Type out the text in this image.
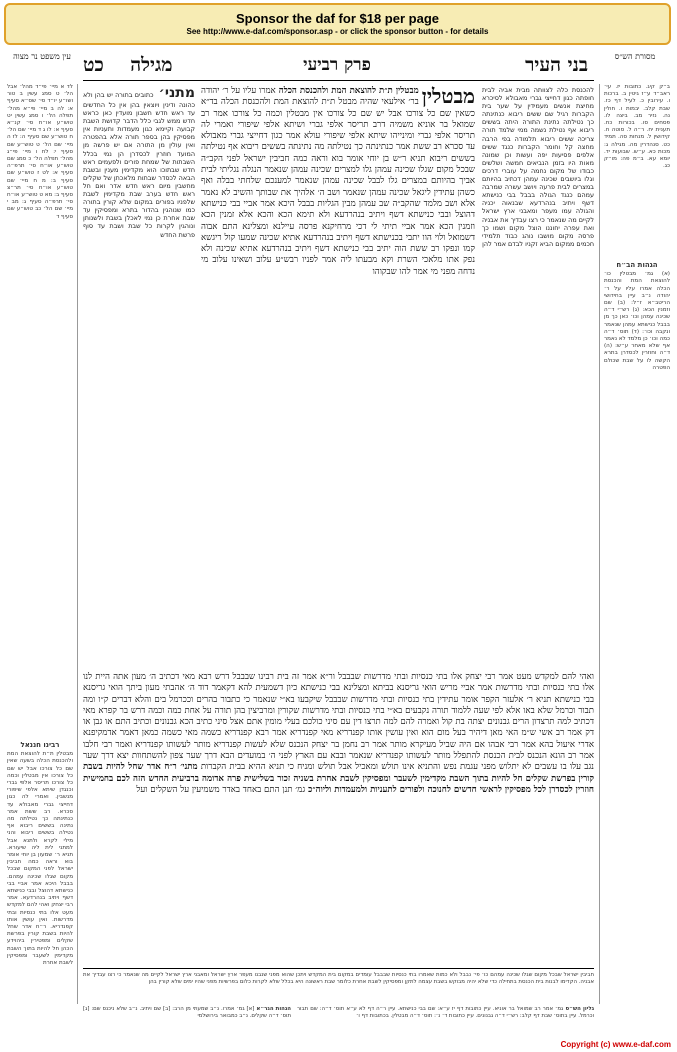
Sponsor the daf for $18 per page
See http://www.e-daf.com/sponsor.asp - or click the sponsor button - for details
מסורת הש״ס
עין משפט נר מצוה	בני העיר
פרק רביעי
מגילה    כט
ב״ק קיג. כתובות יז. עי׳ ראב״ד ע״ז גיטין ב. ברכות ו. עירובין כ. לעיל דף כז. שבת קלב. יבמות ו. חולין נה. נזיר מב. ביצה לו. פסחים סו. בכורות כח. תענית יח. ר״ה ל. סוטה ח. קידושין ל. מנחות סה. תמיד כט. סנהדרין מה. מגילה ג: מכות כא. ע״ש. שבועות יד. יומא עא. ב״מ פה: מו״ק כג.
הגהות הב״ח
(א) גמ׳ מבטלין כו׳ להוצאת המת והכנסת הכלה אמרו עליו על ר׳ יהודה נ״ב עיין בחידושי הריטב״א ז״ל: (ב) שם וזמנין הכא: (ג) רש״י ד״ה שכינה עמהן וכו׳ כאן כך מן בבבל כנישתא עמהן שנאמר ונקבה וכו׳: (ד) תוס׳ ד״ה כמה וכו׳ כן מלמד לא נאמר אף שלא מאחר ע״ש: (ה) ד״ה וחוזרין לכסדרן בתרא הקשה לו על שבת שכולם הפטרה
לד א מיי׳ פי״ד מהל׳ אבל הל׳ ט סמג עשין ב טור ושו״ע יו״ד סי׳ שס״א סעיף א: לה ב מיי׳ פי״א מהל׳ תפלה הל׳ ו סמג עשין יט טוש״ע או״ח סי׳ קנ״א סעיף א: לו ג ד מיי׳ שם הל׳ ח טוש״ע שם סעיף ה: לז ה מיי׳ שם הל׳ ט טוש״ע שם סעיף י: לח ו מיי׳ פי״ג מהל׳ תפלה הל׳ כ סמג שם טוש״ע או״ח סי׳ תרפ״ה סעיף א: לט ז טוש״ע שם סעיף ב: מ ח מיי׳ שם טוש״ע או״ח סי׳ תר״צ סעיף ב: מא ט טוש״ע או״ח סי׳ תרפ״ה סעיף ג: מב י מיי׳ שם הל׳ כב טוש״ע שם סעיף ד
רבינו חננאל
מבטלין ת״ת להוצאת המת ולהכנסת הכלה בשעה שאין שם כל צורכו אבל יש שם כל צורכו אין מבטלין וכמה כל צורכו תריסר אלפי גברי וכנגדן שיתא אלפי שיפורי מנשבין. ואמרי לה כגון דחייצי גברי מאבולא עד סכרא. רב ששת אמר כנתינתה כך נטילתה מה נתינה בששים ריבוא אף נטילה בששים ריבוא והני מילי לקרא ולתנא אבל למתני לית ליה שיעורא. תניא ר׳ שמעון בן יוחי אומר בוא וראה כמה חביבין ישראל לפני המקום שבכל מקום שגלו שכינה עמהם. בבבל היכא אמר אביי בבי כנישתא דהוצל ובבי כנישתא דשף ויתיב בנהרדעא. אמר רבי יצחק ואהי להם למקדש מעט אלו בתי כנסיות ובתי מדרשות. ואין עושין אותו קפנדריא. ר״ח אדר שחל להיות בשבת קורין בפרשת שקלים ומפטירין ביהוידע הכהן חל להיות בתוך השבת מקדימין לשעבר ומפסיקין לשבת אחרת
להכנסת כלה לצוותה מבית אביה לבית חופתה כגון דחייצי גברי מאבולא לסיכרא מחיצת אנשים מעמידין על שער בית הקברות רגיל שם ששים ריבוא כנתינתה כך נטילתה נתינת התורה היתה בששים ריבוא אף נטילת נשמה ממי שלמד תורה צריכה ששים ריבוא תלמודה בפי הרבה מחצה קל וחומר הקברות כנגד ששים אלפים פסיעות יפה ועשות וכן שמונה מאות היו בזמן הנביאים חמשה ושלשים כבודו של מקום נחמה על עוברי דרכים וגלו ביושבים שכינה עמהן דכתיב בהיותם במצרים לבית פרעה ויושב עשרה שמרבה עמהם כנגד הגולה בבבל בבי כנישתא דשף ויתיב בנהרדעא שבנאוה יכניה והגולה עמו מעפר ומאבני ארץ ישראל לקיים מה שנאמר כי רצו עבדיך את אבניה ואת עפרה יחוננו הוצל מקום ושמו כך פרסה מקום מושבו נוהג כבוד תלמידי חכמים ממקום הביא זקניו לבדם אמר להן
מתני׳ כתובים בתורה יש בהן ולא כהונה ודינין ויוצאין בהן אין כל החדשים עד ראש חדש חשבון מועדין כאן כראש חדש ממש לגבי כלל הדבר קדושת השבת קבועה וקיימא כגון מעמדות ותעניות אין מפסיקין בהן בספר תורה אלא בהפטרה ואין עולין מן התורה אם יש פרשה מן המועד חוזרין לכסדרן הן נמי בכלל השבתות של שמחת פורים ולפעמים ראש חדש שבתוכו הוא מקדימין מענין ובשבת הבאה לכסדר שבתות מלאכתן של שקלים מחשבין מיום ראש חדש אדר ואם חל ראש חדש בערב שבת מקדימין לשבת שלפניו בפורים במקום שלא קורין בתורה כמו שנוהגין בהדור בתרא ומפסיקין עד שבת אחרת כן נמי לאכלן בשבת ולשנותן ונוהגין לקרות כל שבת ושבת עד סוף פרשת החדש
מבטלין
מבטלין ת״ת להוצאת המת ולהכנסת הכלה אמרו עליו על ר׳ יהודה בר׳ אילעאי שהיה מבטל ת״ת להוצאת המת ולהכנסת הכלה בד״א כשאין שם כל צורכו אבל יש שם כל צורכו אין מבטלין וכמה כל צורכו אמר רב שמואל בר אוניא משמיה דרב תריסר אלפי גברי ושיתא אלפי שיפורי ואמרי לה תריסר אלפי גברי ומינייהו שיתא אלפי שיפורי עולא אמר כגון דחייצי גברי מאבולא עד סכרא רב ששת אמר כנתינתה כך נטילתה מה נתינתה בששים ריבוא אף נטילתה בששים ריבוא תניא ר״ש בן יוחי אומר בוא וראה כמה חביבין ישראל לפני הקב״ה שבכל מקום שגלו שכינה עמהן גלו למצרים שכינה עמהן שנאמר הנגלה נגליתי לבית אביך בהיותם במצרים גלו לבבל שכינה עמהן שנאמר למענכם שלחתי בבלה ואף כשהן עתידין ליגאל שכינה עמהן שנאמר ושב ה׳ אלהיך את שבותך והשיב לא נאמר אלא ושב מלמד שהקב״ה שב עמהן מבין הגליות בבבל היכא אמר אביי בבי כנישתא דהוצל ובבי כנישתא דשף ויתיב בנהרדעא ולא תימא הכא והכא אלא זמנין הכא וזמנין הכא אמר אביי תיתי לי דכי מרחיקנא פרסה עיילנא ומצלינא התם אבוה דשמואל ולוי הוו יתבי בכנישתא דשף ויתיב בנהרדעא אתיא שכינה שמעו קול ריגשא קמו ונפקו רב ששת הוה יתיב בבי כנישתא דשף ויתיב בנהרדעא אתיא שכינה ולא נפק אתו מלאכי השרת וקא מבעתו ליה אמר לפניו רבש״ע עלוב ושאינו עלוב מי נדחה מפני מי אמר להו שבקוהו
ואהי להם למקדש מעט אמר רבי יצחק אלו בתי כנסיות ובתי מדרשות שבבבל ור״א אמר זה בית רבינו שבבבל דרש רבא מאי דכתיב ה׳ מעון אתה היית לנו אלו בתי כנסיות ובתי מדרשות אמר אביי מריש הואי גריסנא בביתא ומצלינא בבי כנישתא כיון דשמעית להא דקאמר דוד ה׳ אהבתי מעון ביתך הואי גריסנא בבי כנישתא תניא ר׳ אלעזר הקפר אומר עתידין בתי כנסיות ובתי מדרשות שבבבל שיקבעו בא״י שנאמר כי כתבור בהרים וככרמל בים והלא דברים ק״ו ומה תבור וכרמל שלא באו אלא לפי שעה ללמוד תורה נקבעים בא״י בתי כנסיות ובתי מדרשות שקורין ומרביצין בהן תורה על אחת כמה וכמה דרש בר קפרא מאי דכתיב למה תרצדון הרים גבנונים יצתה בת קול ואמרה להם למה תרצו דין עם סיני כולכם בעלי מומין אתם אצל סיני כתיב הכא גבנונים וכתיב התם או גבן או דק אמר רב אשי ש״מ האי מאן דיהיר בעל מום הוא ואין עושין אותו קפנדריא מאי קפנדריא אמר רבא קפנדריא כשמה מאי כשמה כמאן דאמר אדמקיפנא אדרי איעול בהא אמר רבי אבהו אם היה שביל מעיקרא מותר אמר רב נחמן בר יצחק הנכנס שלא לעשות קפנדריא מותר לעשותו קפנדריא ואמר רבי חלבו אמר רב הונא הנכנס לבית הכנסת להתפלל מותר לעשותו קפנדריא שנאמר ובבא עם הארץ לפני ה׳ במועדים הבא דרך שער צפון להשתחוות יצא דרך שער נגב עלו בו עשבים לא יתלוש מפני עגמת נפש והתניא אינו תולש ומאכיל אבל תולש ומניח כי תניא ההיא בבית הקברות מתני׳ ר״ח אדר שחל להיות בשבת קורין בפרשת שקלים חל להיות בתוך השבת מקדימין לשעבר ומפסיקין לשבת אחרת בשניה זכור בשלישית פרה אדומה ברביעית החדש הזה לכם בחמישית חוזרין לכסדרן לכל מפסיקין לראשי חדשים לחנוכה ולפורים לתעניות ולמעמדות וליוה״כ גמ׳ תנן התם באחד באדר משמיעין על השקלים ועל
חביבין ישראל שבכל מקום שגלו שכינה עמהם כו׳ פי׳ נבבל ולא כמות שאמרו בתי כנסיות שבבבל עומדים במקום בית המקדש ויתכן שהוא מפני שנבנו מעפר ארץ ישראל ומאבני ארץ ישראל לקיים מה שנאמר כי רצו עבדיך את אבניה. הקדימו לבנות בית הכנסת בתחילה כדי שלא יהיה מבוקש בשבת עצמה לתקן ומפסיקין לשבת אחרת כלומר שבת ראשונה היא בכלל שלא לקרות כלום בפרשיות מפני שהיו ימים שלא קורין בהן
גליון הש״ס גמ׳ אמר רב שמואל בר אוניא. עיין כתובות דף יז ע״א: שם בבי כנישתא. עיין ר״ה דף לא ע״א תוס׳ ד״ה: שם תבור וכרמל. עיין בתוס׳ שבת דף קלב: רש״י ד״ה גבנונים. עיין כתובות ד׳ נ׳: תוס׳ ד״ה מבטלין. בכתובות דף ו׳
הגהות הגר״א [א] גמ׳ אמרו. נ״ב שמעתי מן הרב: [ב] שם ויתיב. נ״ב שלא ניכנס שם: [ג] תוס׳ ד״ה שקלים. נ״ב כמבואר בירושלמי
Copyright (c) www.e-daf.com
